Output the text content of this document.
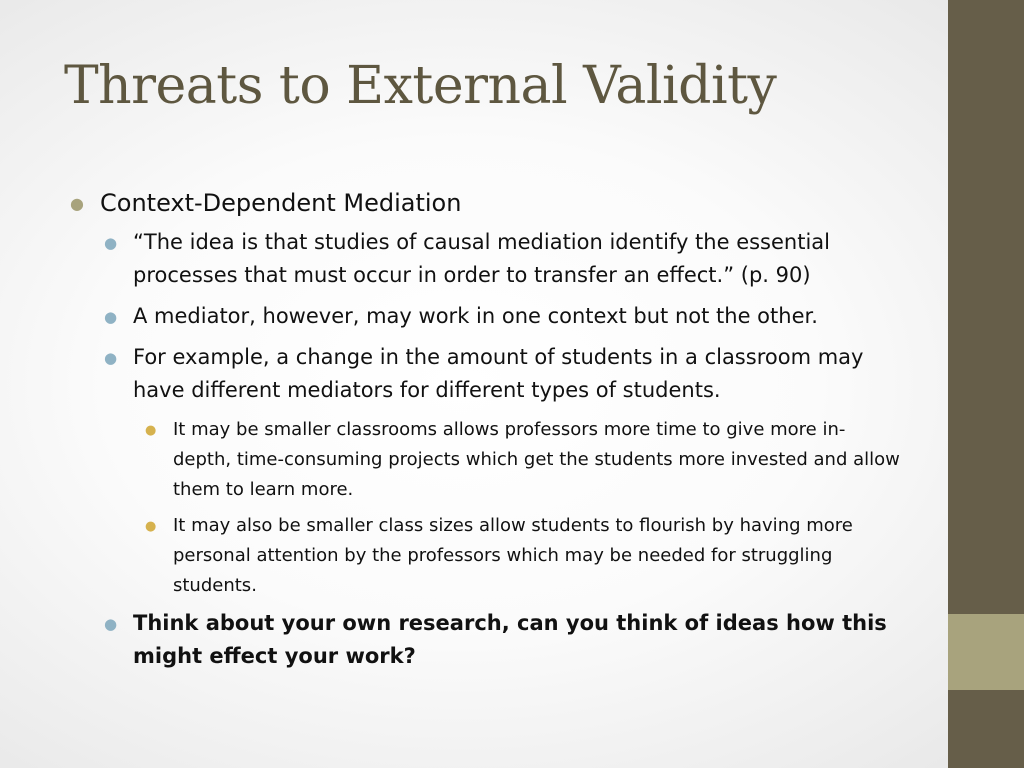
Threats to External Validity
● Context-Dependent Mediation
● “The idea is that studies of causal mediation identify the essential processes that must occur in order to transfer an effect.” (p. 90)
● A mediator, however, may work in one context but not the other.
● For example, a change in the amount of students in a classroom may have different mediators for different types of students.
● It may be smaller classrooms allows professors more time to give more in-depth, time-consuming projects which get the students more invested and allow them to learn more.
● It may also be smaller class sizes allow students to flourish by having more personal attention by the professors which may be needed for struggling students.
● Think about your own research, can you think of ideas how this might effect your work?
